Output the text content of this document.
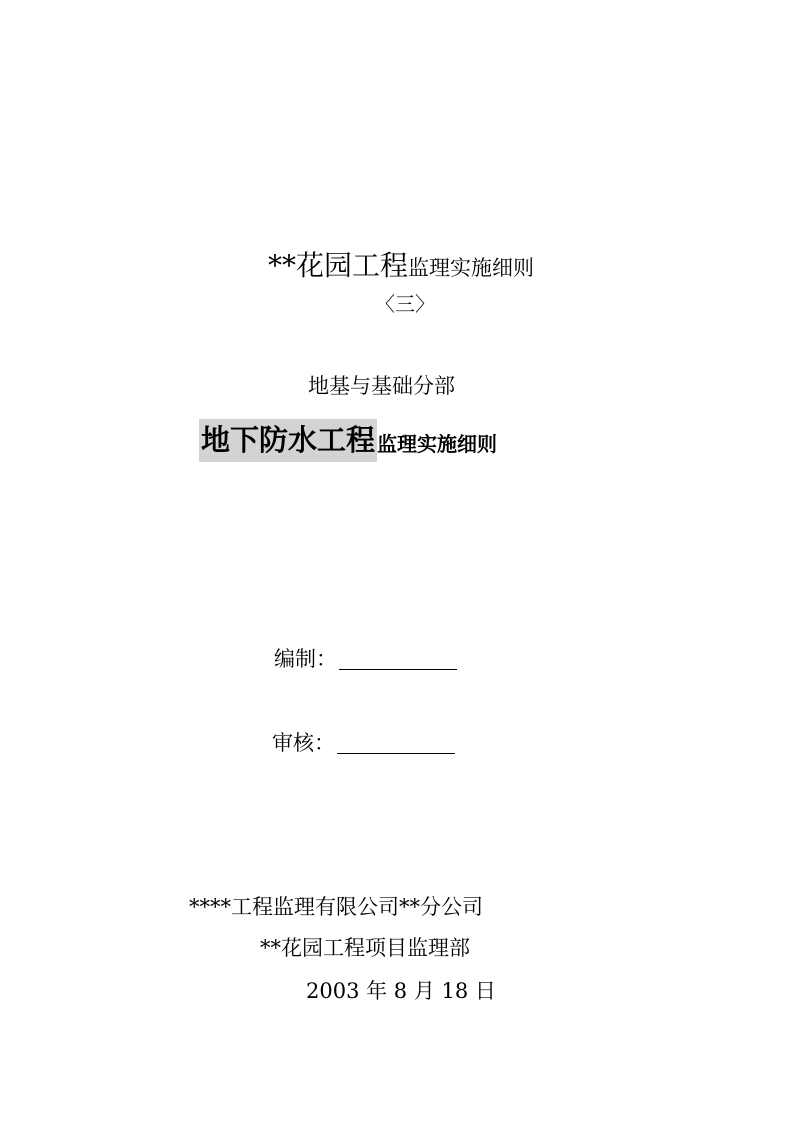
**花园工程监理实施细则
〈三〉
地基与基础分部
地下防水工程 监理实施细则
编制：
审核：
****工程监理有限公司**分公司
**花园工程项目监理部
2003 年 8 月 18 日
